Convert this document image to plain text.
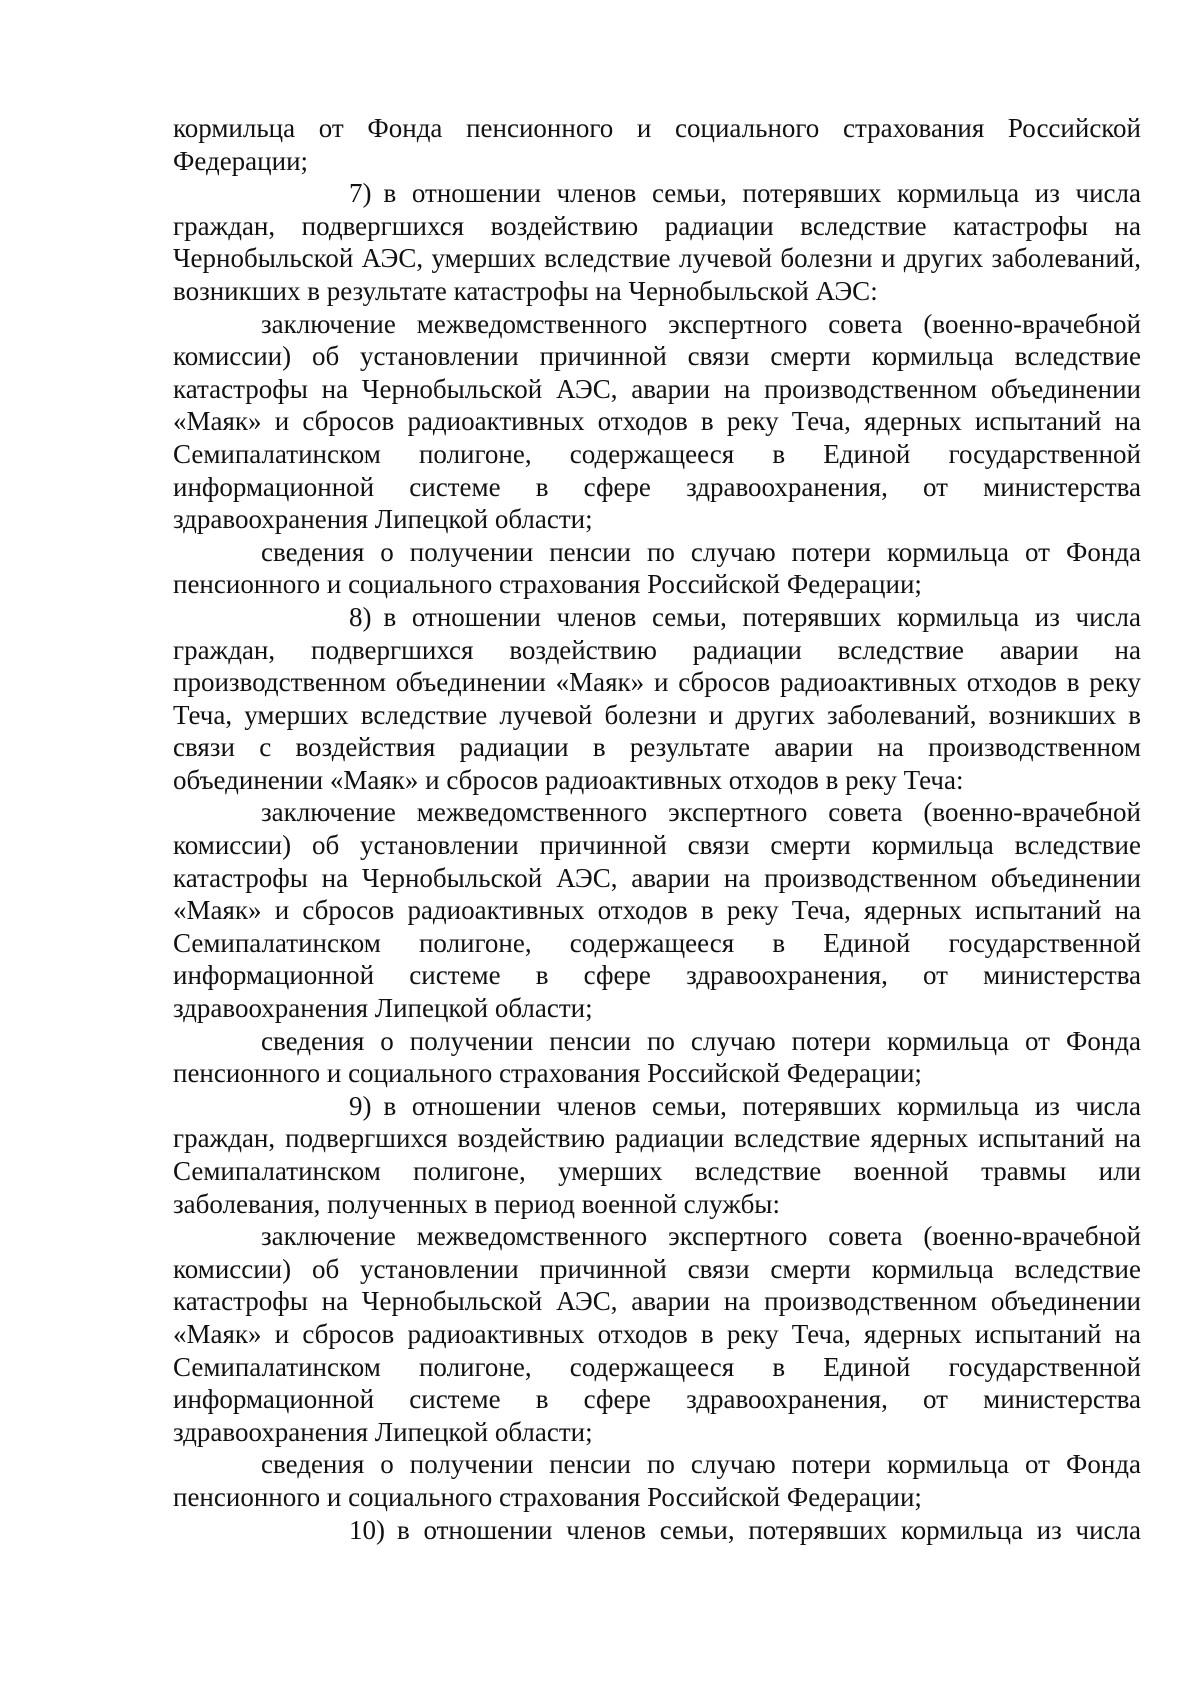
кормильца от Фонда пенсионного и социального страхования Российской Федерации;

7) в отношении членов семьи, потерявших кормильца из числа граждан, подвергшихся воздействию радиации вследствие катастрофы на Чернобыльской АЭС, умерших вследствие лучевой болезни и других заболеваний, возникших в результате катастрофы на Чернобыльской АЭС:

заключение межведомственного экспертного совета (военно-врачебной комиссии) об установлении причинной связи смерти кормильца вследствие катастрофы на Чернобыльской АЭС, аварии на производственном объединении «Маяк» и сбросов радиоактивных отходов в реку Теча, ядерных испытаний на Семипалатинском полигоне, содержащееся в Единой государственной информационной системе в сфере здравоохранения, от министерства здравоохранения Липецкой области;

сведения о получении пенсии по случаю потери кормильца от Фонда пенсионного и социального страхования Российской Федерации;

8) в отношении членов семьи, потерявших кормильца из числа граждан, подвергшихся воздействию радиации вследствие аварии на производственном объединении «Маяк» и сбросов радиоактивных отходов в реку Теча, умерших вследствие лучевой болезни и других заболеваний, возникших в связи с воздействия радиации в результате аварии на производственном объединении «Маяк» и сбросов радиоактивных отходов в реку Теча:

заключение межведомственного экспертного совета (военно-врачебной комиссии) об установлении причинной связи смерти кормильца вследствие катастрофы на Чернобыльской АЭС, аварии на производственном объединении «Маяк» и сбросов радиоактивных отходов в реку Теча, ядерных испытаний на Семипалатинском полигоне, содержащееся в Единой государственной информационной системе в сфере здравоохранения, от министерства здравоохранения Липецкой области;

сведения о получении пенсии по случаю потери кормильца от Фонда пенсионного и социального страхования Российской Федерации;

9) в отношении членов семьи, потерявших кормильца из числа граждан, подвергшихся воздействию радиации вследствие ядерных испытаний на Семипалатинском полигоне, умерших вследствие военной травмы или заболевания, полученных в период военной службы:

заключение межведомственного экспертного совета (военно-врачебной комиссии) об установлении причинной связи смерти кормильца вследствие катастрофы на Чернобыльской АЭС, аварии на производственном объединении «Маяк» и сбросов радиоактивных отходов в реку Теча, ядерных испытаний на Семипалатинском полигоне, содержащееся в Единой государственной информационной системе в сфере здравоохранения, от министерства здравоохранения Липецкой области;

сведения о получении пенсии по случаю потери кормильца от Фонда пенсионного и социального страхования Российской Федерации;

10) в отношении членов семьи, потерявших кормильца из числа
